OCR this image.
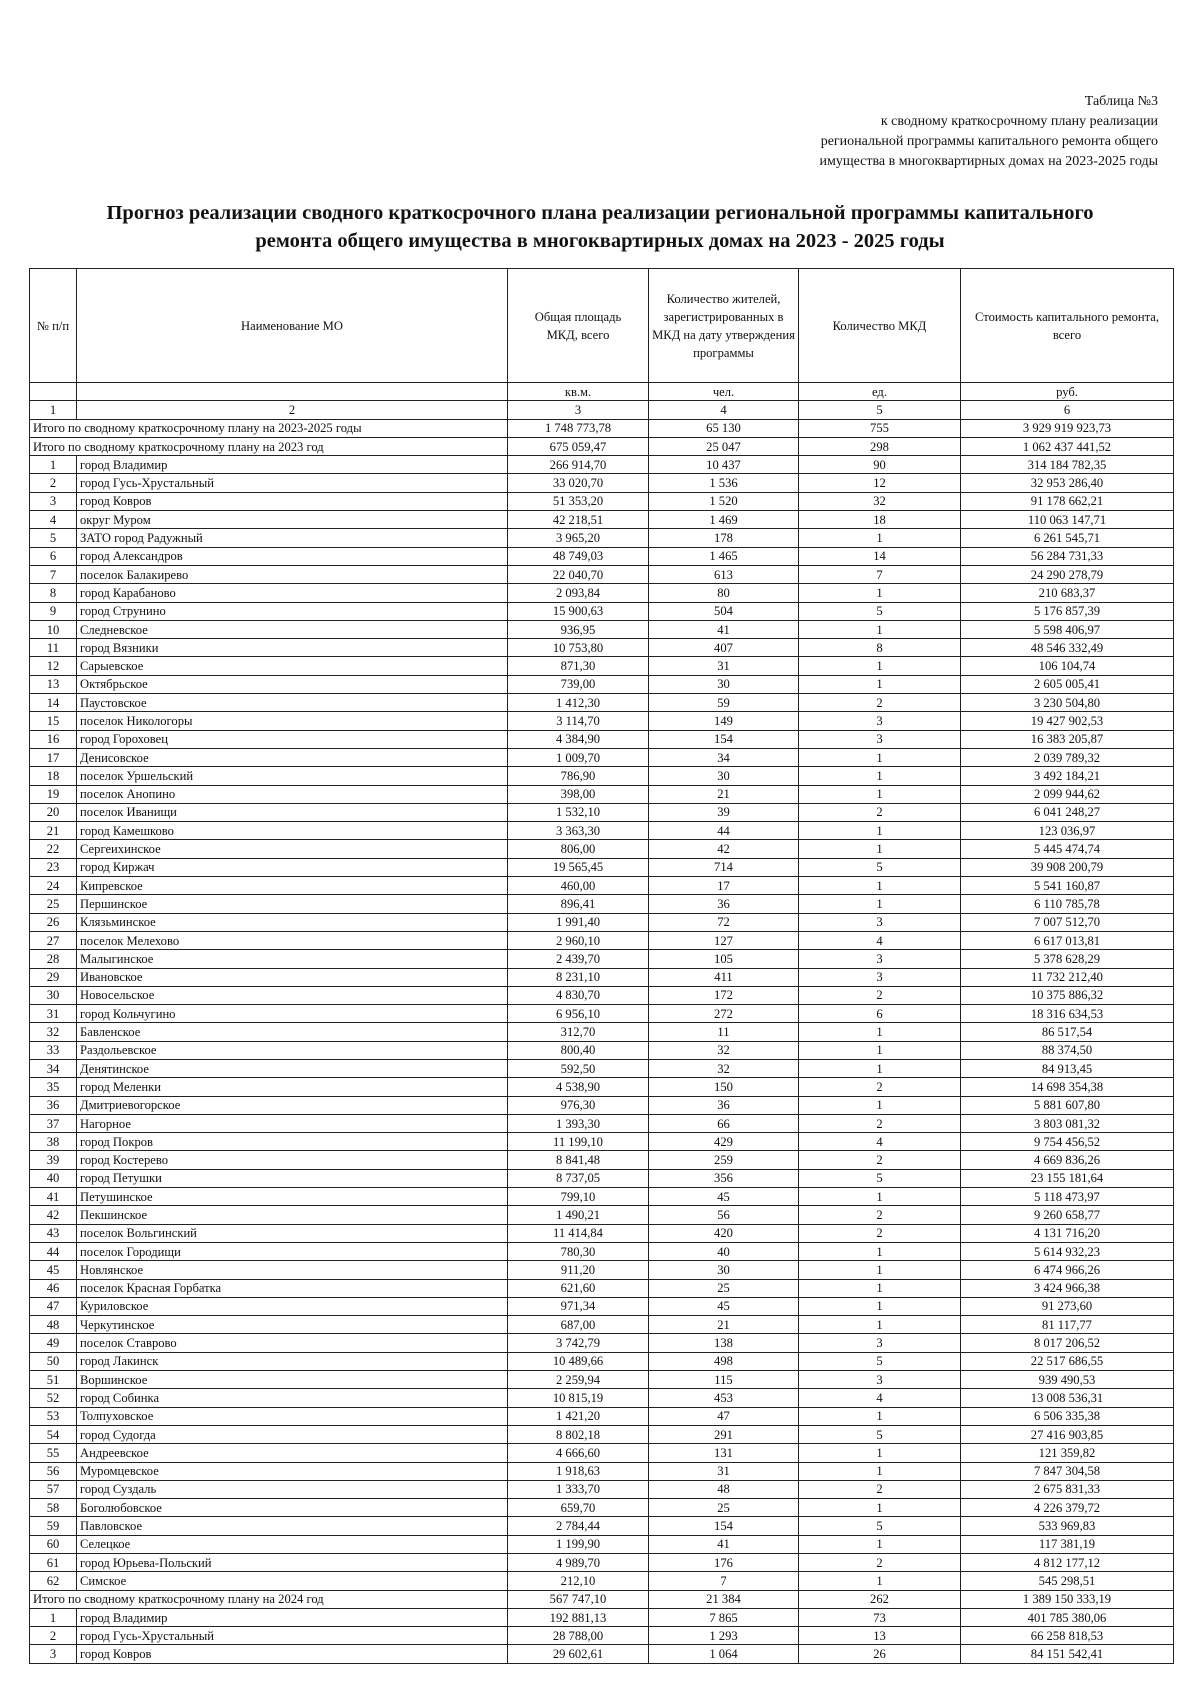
Таблица №3
к сводному краткосрочному плану реализации
региональной программы капитального ремонта общего
имущества в многоквартирных домах на 2023-2025 годы
Прогноз реализации сводного краткосрочного плана реализации региональной программы капитального
ремонта общего имущества в многоквартирных домах на 2023 - 2025 годы
№ п/п	Наименование МО	Общая площадь МКД, всего	Количество жителей, зарегистрированных в МКД на дату утверждения программы	Количество МКД	Стоимость капитального ремонта, всего
		кв.м.	чел.	ед.	руб.
1	2	3	4	5	6
Итого по сводному краткосрочному плану на 2023-2025 годы		1 748 773,78	65 130	755	3 929 919 923,73
Итого по сводному краткосрочному плану на 2023 год		675 059,47	25 047	298	1 062 437 441,52
1	город Владимир	266 914,70	10 437	90	314 184 782,35
2	город Гусь-Хрустальный	33 020,70	1 536	12	32 953 286,40
3	город Ковров	51 353,20	1 520	32	91 178 662,21
4	округ Муром	42 218,51	1 469	18	110 063 147,71
5	ЗАТО город Радужный	3 965,20	178	1	6 261 545,71
6	город Александров	48 749,03	1 465	14	56 284 731,33
7	поселок Балакирево	22 040,70	613	7	24 290 278,79
8	город Карабаново	2 093,84	80	1	210 683,37
9	город Струнино	15 900,63	504	5	5 176 857,39
10	Следневское	936,95	41	1	5 598 406,97
11	город Вязники	10 753,80	407	8	48 546 332,49
12	Сарыевское	871,30	31	1	106 104,74
13	Октябрьское	739,00	30	1	2 605 005,41
14	Паустовское	1 412,30	59	2	3 230 504,80
15	поселок Никологоры	3 114,70	149	3	19 427 902,53
16	город Гороховец	4 384,90	154	3	16 383 205,87
17	Денисовское	1 009,70	34	1	2 039 789,32
18	поселок Уршельский	786,90	30	1	3 492 184,21
19	поселок Анопино	398,00	21	1	2 099 944,62
20	поселок Иванищи	1 532,10	39	2	6 041 248,27
21	город Камешково	3 363,30	44	1	123 036,97
22	Сергеихинское	806,00	42	1	5 445 474,74
23	город Киржач	19 565,45	714	5	39 908 200,79
24	Кипревское	460,00	17	1	5 541 160,87
25	Першинское	896,41	36	1	6 110 785,78
26	Клязьминское	1 991,40	72	3	7 007 512,70
27	поселок Мелехово	2 960,10	127	4	6 617 013,81
28	Малыгинское	2 439,70	105	3	5 378 628,29
29	Ивановское	8 231,10	411	3	11 732 212,40
30	Новосельское	4 830,70	172	2	10 375 886,32
31	город Кольчугино	6 956,10	272	6	18 316 634,53
32	Бавленское	312,70	11	1	86 517,54
33	Раздольевское	800,40	32	1	88 374,50
34	Денятинское	592,50	32	1	84 913,45
35	город Меленки	4 538,90	150	2	14 698 354,38
36	Дмитриевогорское	976,30	36	1	5 881 607,80
37	Нагорное	1 393,30	66	2	3 803 081,32
38	город Покров	11 199,10	429	4	9 754 456,52
39	город Костерево	8 841,48	259	2	4 669 836,26
40	город Петушки	8 737,05	356	5	23 155 181,64
41	Петушинское	799,10	45	1	5 118 473,97
42	Пекшинское	1 490,21	56	2	9 260 658,77
43	поселок Вольгинский	11 414,84	420	2	4 131 716,20
44	поселок Городищи	780,30	40	1	5 614 932,23
45	Новлянское	911,20	30	1	6 474 966,26
46	поселок Красная Горбатка	621,60	25	1	3 424 966,38
47	Куриловское	971,34	45	1	91 273,60
48	Черкутинское	687,00	21	1	81 117,77
49	поселок Ставрово	3 742,79	138	3	8 017 206,52
50	город Лакинск	10 489,66	498	5	22 517 686,55
51	Воршинское	2 259,94	115	3	939 490,53
52	город Собинка	10 815,19	453	4	13 008 536,31
53	Толпуховское	1 421,20	47	1	6 506 335,38
54	город Судогда	8 802,18	291	5	27 416 903,85
55	Андреевское	4 666,60	131	1	121 359,82
56	Муромцевское	1 918,63	31	1	7 847 304,58
57	город Суздаль	1 333,70	48	2	2 675 831,33
58	Боголюбовское	659,70	25	1	4 226 379,72
59	Павловское	2 784,44	154	5	533 969,83
60	Селецкое	1 199,90	41	1	117 381,19
61	город Юрьева-Польский	4 989,70	176	2	4 812 177,12
62	Симское	212,10	7	1	545 298,51
Итого по сводному краткосрочному плану на 2024 год		567 747,10	21 384	262	1 389 150 333,19
1	город Владимир	192 881,13	7 865	73	401 785 380,06
2	город Гусь-Хрустальный	28 788,00	1 293	13	66 258 818,53
3	город Ковров	29 602,61	1 064	26	84 151 542,41
